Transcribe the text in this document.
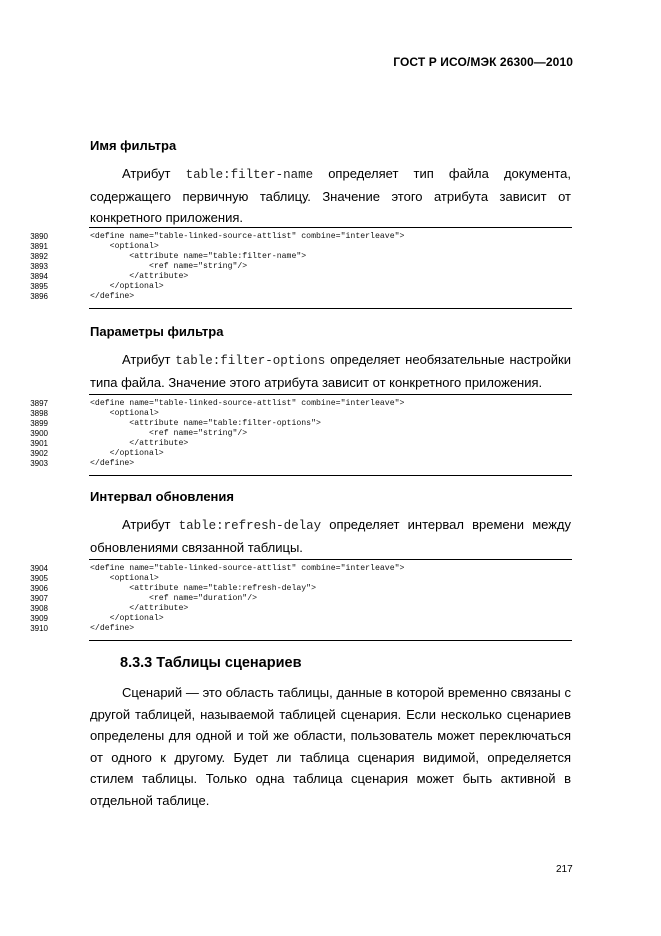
ГОСТ Р ИСО/МЭК 26300—2010
Имя фильтра
Атрибут table:filter-name определяет тип файла документа, содержащего первичную таблицу. Значение этого атрибута зависит от конкретного приложения.
3890	<define name="table-linked-source-attlist" combine="interleave">
3891	<optional>
3892	<attribute name="table:filter-name">
3893	<ref name="string"/>
3894	</attribute>
3895	</optional>
3896	</define>
Параметры фильтра
Атрибут table:filter-options определяет необязательные настройки типа файла. Значение этого атрибута зависит от конкретного приложения.
3897	<define name="table-linked-source-attlist" combine="interleave">
3898	<optional>
3899	<attribute name="table:filter-options">
3900	<ref name="string"/>
3901	</attribute>
3902	</optional>
3903	</define>
Интервал обновления
Атрибут table:refresh-delay определяет интервал времени между обновлениями связанной таблицы.
3904	<define name="table-linked-source-attlist" combine="interleave">
3905	<optional>
3906	<attribute name="table:refresh-delay">
3907	<ref name="duration"/>
3908	</attribute>
3909	</optional>
3910	</define>
8.3.3 Таблицы сценариев
Сценарий — это область таблицы, данные в которой временно связаны с другой таблицей, называемой таблицей сценария. Если несколько сценариев определены для одной и той же области, пользователь может переключаться от одного к другому. Будет ли таблица сценария видимой, определяется стилем таблицы. Только одна таблица сценария может быть активной в отдельной таблице.
217
